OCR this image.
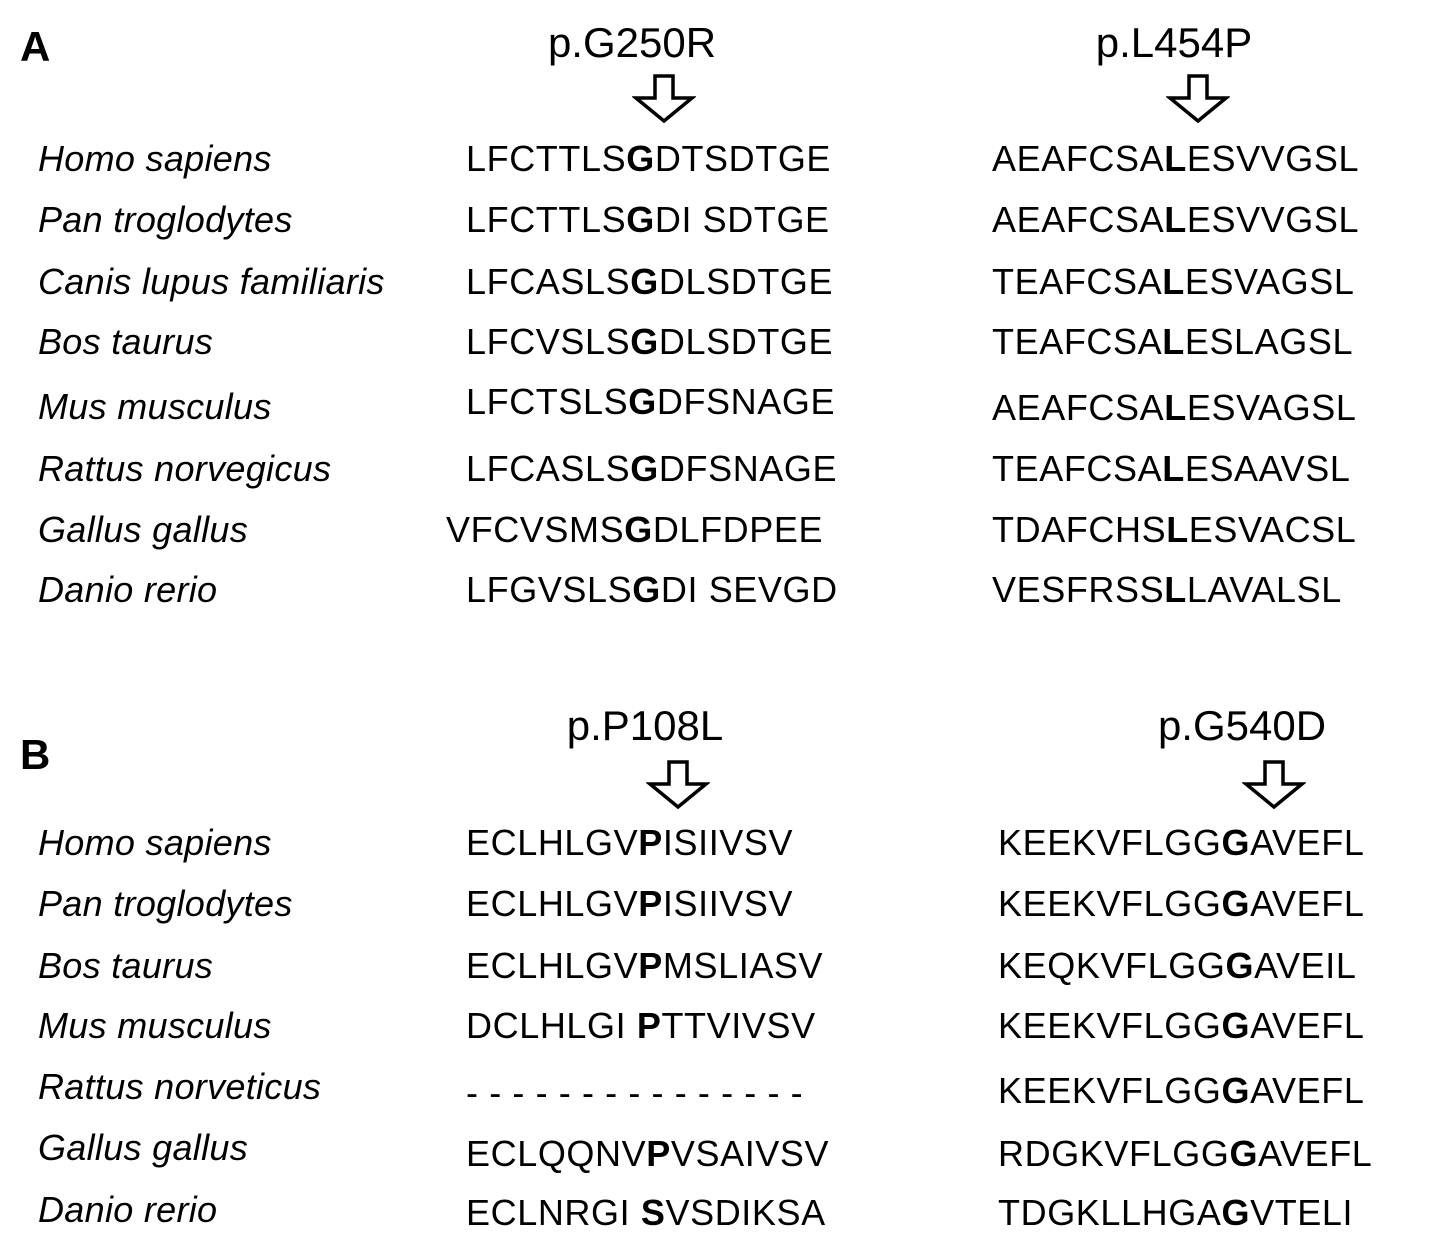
A	p.G250R	p.L454P
Homo sapiens	LFCTTLSGDTSDTGE	AEAFCSALESVVGSL
Pan troglodytes	LFCTTLSGDI SDTGE	AEAFCSALESVVGSL
Canis lupus familiaris LFCASLSGDLSDTGE	TEAFCSALESVAGSL
Bos taurus	LFCVSLSGDLSDTGE	TEAFCSALESLAGSL
Mus musculus	LFCTSLSGDFSNAGE	AEAFCSALESVAGSL
Rattus norvegicus	LFCASLSGDFSNAGE	TEAFCSALESAAVSL
Gallus gallus	VFCVSMSGDLFDPEE	TDAFCHSLESVACSL
Danio rerio	LFGVSLSGDI SEVGD	VESFRSSLLAVALSL
B
p.P108L	p.G540D
Homo sapiens	ECLHLGVPISIIVSV	KEEKVFLGGGAVEFL
Pan troglodytes	ECLHLGVPISIIVSV	KEEKVFLGGGAVEFL
Bos taurus	ECLHLGVPMSLIASV	KEQKVFLGGGAVEIL
Mus musculus	DCLHLGI PTTVIVSV	KEEKVFLGGGAVEFL
Rattus norveticus	- - - - - - - - - - - - - - -	KEEKVFLGGGAVEFL
Gallus gallus	ECLQQNVPVSAIVSV	RDGKVFLGGGAVEFL
Danio rerio	ECLNRGI SVSDIKSA	TDGKLLHGAGVTELI
